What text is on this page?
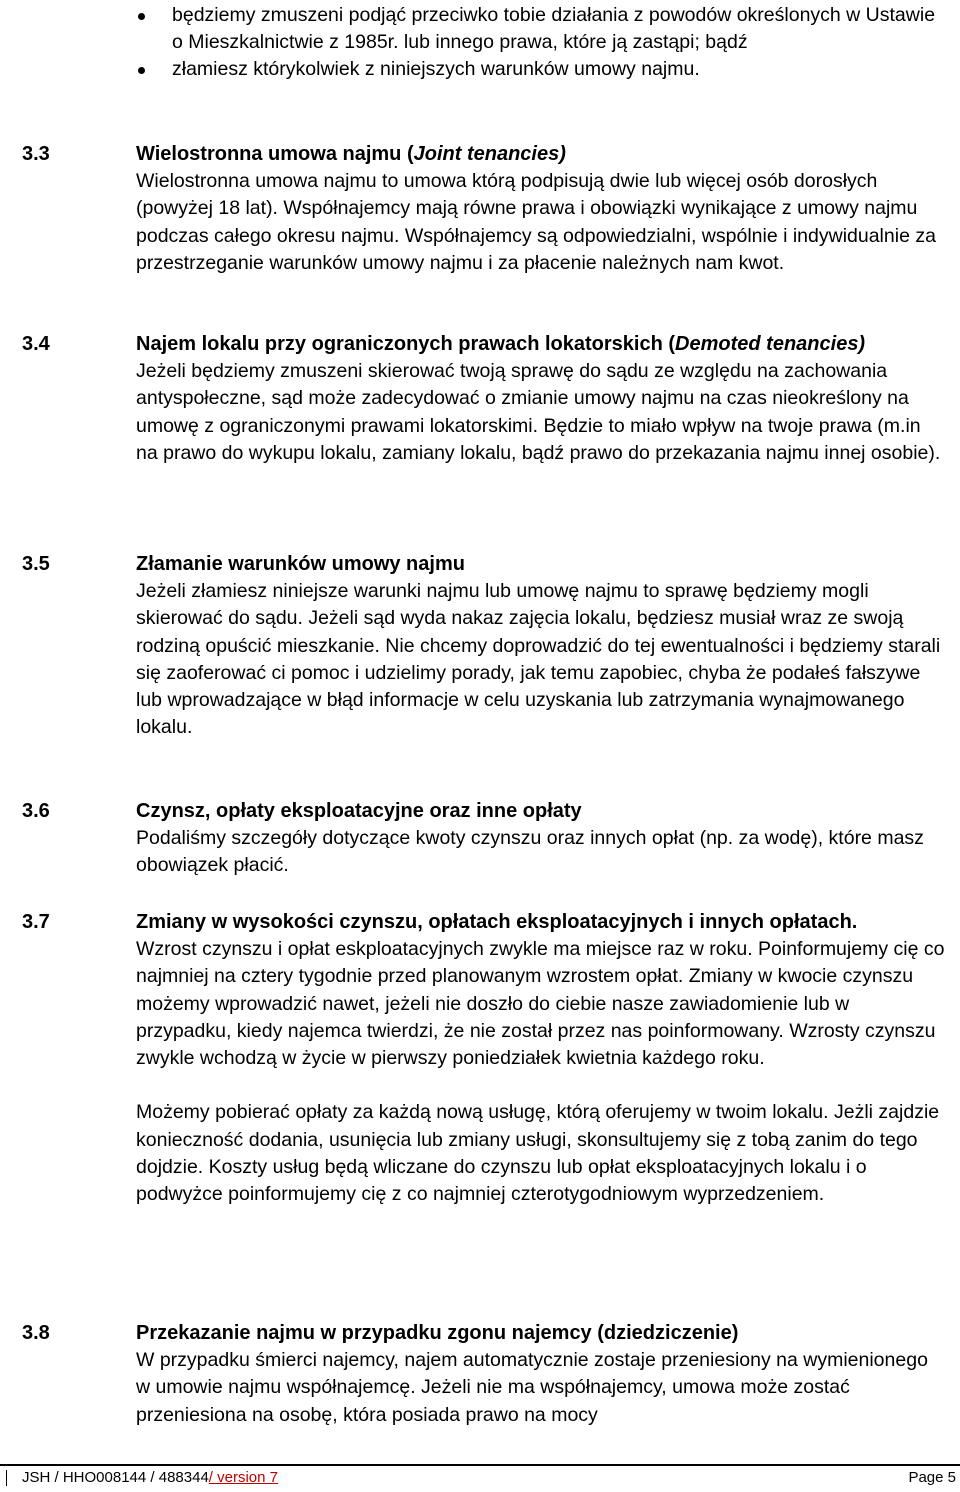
będziemy zmuszeni podjąć przeciwko tobie działania z powodów określonych w Ustawie o Mieszkalnictwie z 1985r. lub innego prawa, które ją zastąpi; bądź
złamiesz którykolwiek z niniejszych warunków umowy najmu.
3.3	Wielostronna umowa najmu (Joint tenancies)

Wielostronna umowa najmu to umowa którą podpisują dwie lub więcej osób dorosłych (powyżej 18 lat). Współnajemcy mają równe prawa i obowiązki wynikające z umowy najmu podczas całego okresu najmu. Współnajemcy są odpowiedzialni, wspólnie i indywidualnie za przestrzeganie warunków umowy najmu i za płacenie należnych nam kwot.

3.4	Najem lokalu przy ograniczonych prawach lokatorskich (Demoted tenancies)

Jeżeli będziemy zmuszeni skierować twoją sprawę do sądu ze względu na zachowania antyspołeczne, sąd może zadecydować o zmianie umowy najmu na czas nieokreślony na umowę z ograniczonymi prawami lokatorskimi. Będzie to miało wpływ na twoje prawa (m.in na prawo do wykupu lokalu, zamiany lokalu, bądź prawo do przekazania najmu innej osobie).

3.5	Złamanie warunków umowy najmu

Jeżeli złamiesz niniejsze warunki najmu lub umowę najmu to sprawę będziemy mogli skierować do sądu. Jeżeli sąd wyda nakaz zajęcia lokalu, będziesz musiał wraz ze swoją rodziną opuścić mieszkanie. Nie chcemy doprowadzić do tej ewentualności i będziemy starali się zaoferować ci pomoc i udzielimy porady, jak temu zapobiec, chyba że podałeś fałszywe lub wprowadzające w błąd informacje w celu uzyskania lub zatrzymania wynajmowanego lokalu.

3.6	Czynsz, opłaty eksploatacyjne oraz inne opłaty

Podaliśmy szczegóły dotyczące kwoty czynszu oraz innych opłat (np. za wodę), które masz obowiązek płacić.

3.7	Zmiany w wysokości czynszu, opłatach eksploatacyjnych i innych opłatach.

Wzrost czynszu i opłat eskploatacyjnych zwykle ma miejsce raz w roku. Poinformujemy cię co najmniej na cztery tygodnie przed planowanym wzrostem opłat. Zmiany w kwocie czynszu możemy wprowadzić nawet, jeżeli nie doszło do ciebie nasze zawiadomienie lub w przypadku, kiedy najemca twierdzi, że nie został przez nas poinformowany. Wzrosty czynszu zwykle wchodzą w życie w pierwszy poniedziałek kwietnia każdego roku.

Możemy pobierać opłaty za każdą nową usługę, którą oferujemy w twoim lokalu. Jeżli zajdzie konieczność dodania, usunięcia lub zmiany usługi, skonsultujemy się z tobą zanim do tego dojdzie. Koszty usług będą wliczane do czynszu lub opłat eksploatacyjnych lokalu i o podwyżce poinformujemy cię z co najmniej czterotygodniowym wyprzedzeniem.

3.8	Przekazanie najmu w przypadku zgonu najemcy (dziedziczenie)

W przypadku śmierci najemcy, najem automatycznie zostaje przeniesiony na wymienionego w umowie najmu współnajemcę. Jeżeli nie ma współnajemcy, umowa może zostać przeniesiona na osobę, która posiada prawo na mocy

JSH / HHO008144 / 488344/ version 7	Page 5
